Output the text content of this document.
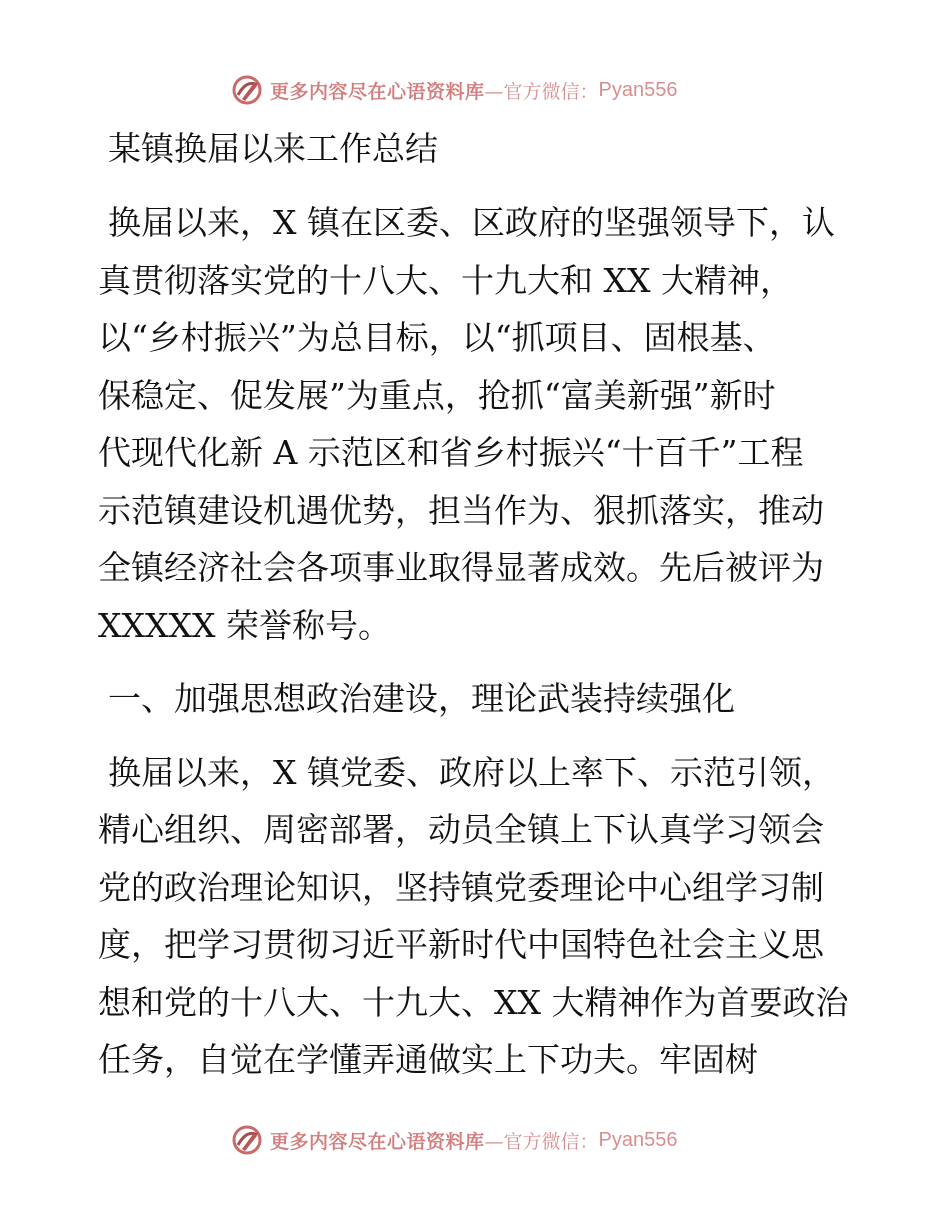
更多内容尽在心语资料库 —官方微信： Pyan556
某镇换届以来工作总结
换届以来，X 镇在区委、区政府的坚强领导下，认
真贯彻落实党的十八大、十九大和 XX 大精神，
以“乡村振兴”为总目标，以“抓项目、固根基、
保稳定、促发展”为重点，抢抓“富美新强”新时
代现代化新 A 示范区和省乡村振兴“十百千”工程
示范镇建设机遇优势，担当作为、狠抓落实，推动
全镇经济社会各项事业取得显著成效。先后被评为
XXXXX 荣誉称号。
一、加强思想政治建设，理论武装持续强化
换届以来，X 镇党委、政府以上率下、示范引领，
精心组织、周密部署，动员全镇上下认真学习领会
党的政治理论知识，坚持镇党委理论中心组学习制
度，把学习贯彻习近平新时代中国特色社会主义思
想和党的十八大、十九大、XX 大精神作为首要政治
任务，自觉在学懂弄通做实上下功夫。牢固树
更多内容尽在心语资料库 —官方微信： Pyan556
